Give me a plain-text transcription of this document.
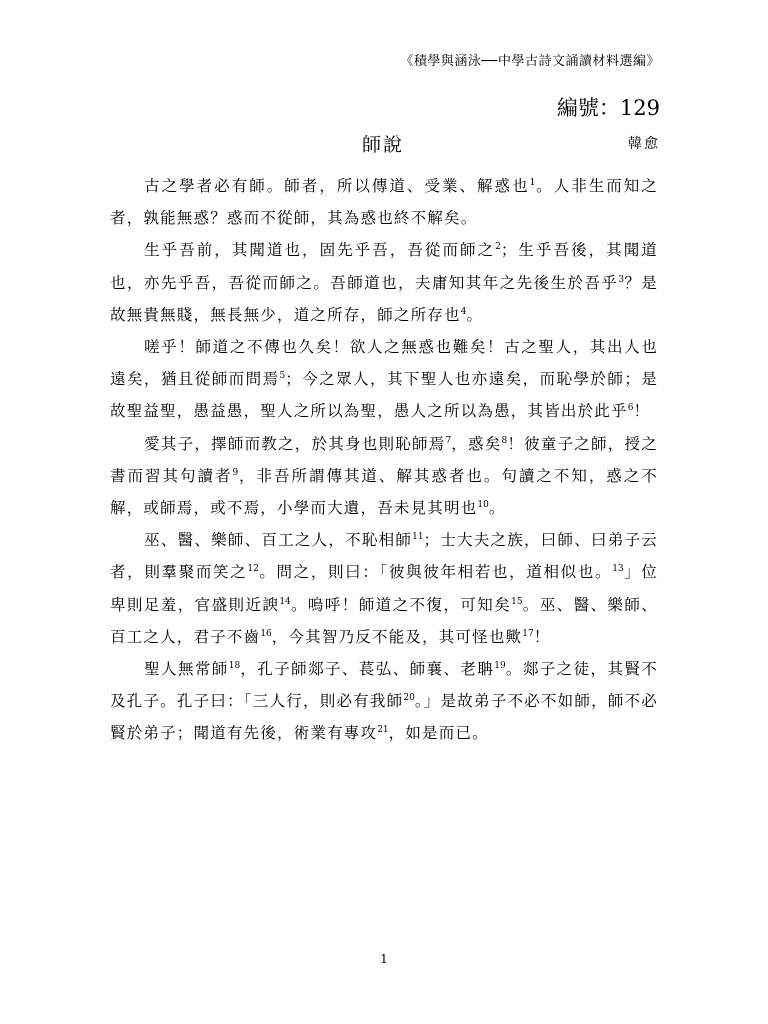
《積學與涵泳──中學古詩文誦讀材料選編》
編號：129
師說	韓愈

古之學者必有師。師者，所以傳道、受業、解惑也$^1$。人非生而知之者，孰能無惑？惑而不從師，其為惑也終不解矣。

生乎吾前，其聞道也，固先乎吾，吾從而師之$^2$；生乎吾後，其聞道也，亦先乎吾，吾從而師之。吾師道也，夫庸知其年之先後生於吾乎$^3$？是故無貴無賤，無長無少，道之所存，師之所存也$^4$。

嗟乎！師道之不傳也久矣！欲人之無惑也難矣！古之聖人，其出人也遠矣，猶且從師而問焉$^5$；今之眾人，其下聖人也亦遠矣，而恥學於師；是故聖益聖，愚益愚，聖人之所以為聖，愚人之所以為愚，其皆出於此乎$^6$！

愛其子，擇師而教之，於其身也則恥師焉$^7$，惑矣$^8$！彼童子之師，授之書而習其句讀者$^9$，非吾所謂傳其道、解其惑者也。句讀之不知，惑之不解，或師焉，或不焉，小學而大遺，吾未見其明也$^{10}$。

巫、醫、樂師、百工之人，不恥相師$^{11}$；士大夫之族，曰師、曰弟子云者，則羣聚而笑之$^{12}$。問之，則曰：「彼與彼年相若也，道相似也。$^{13}$」位卑則足羞，官盛則近諛$^{14}$。嗚呼！師道之不復，可知矣$^{15}$。巫、醫、樂師、百工之人，君子不齒$^{16}$，今其智乃反不能及，其可怪也歟$^{17}$！

聖人無常師$^{18}$，孔子師郯子、萇弘、師襄、老聃$^{19}$。郯子之徒，其賢不及孔子。孔子曰：「三人行，則必有我師$^{20}$。」是故弟子不必不如師，師不必賢於弟子；聞道有先後，術業有專攻$^{21}$，如是而已。

1
